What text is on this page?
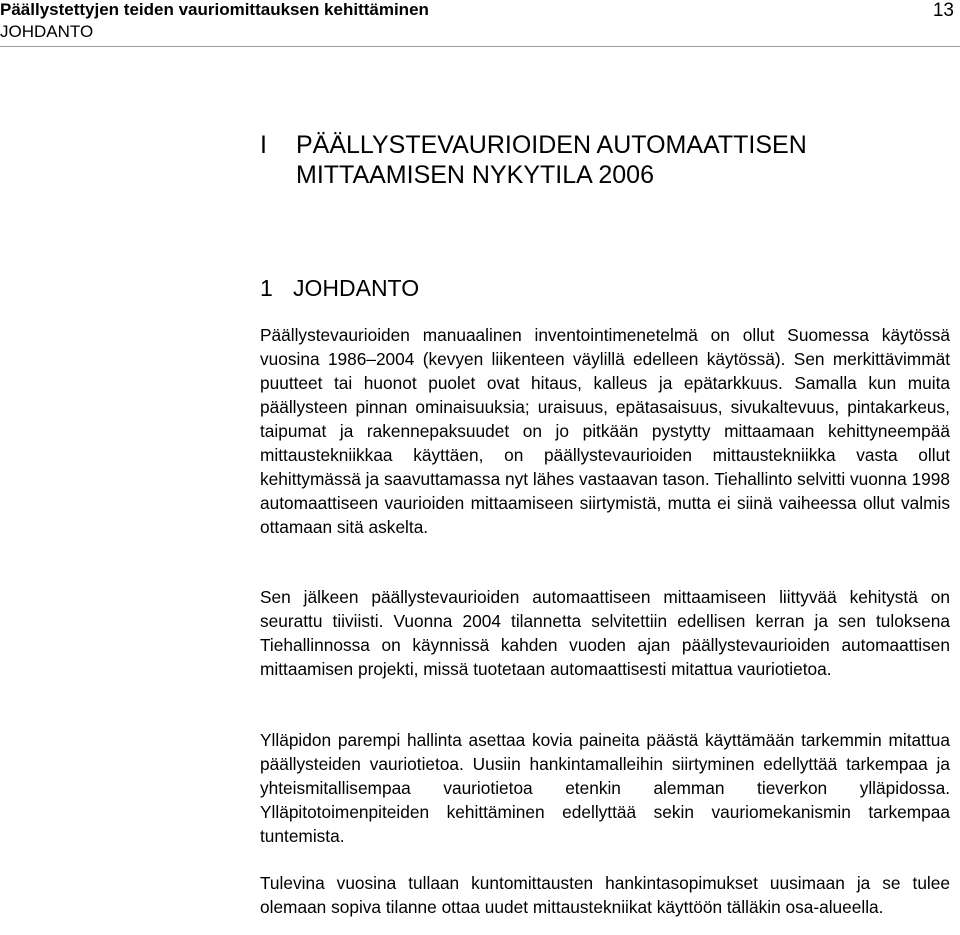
Päällystettyjen teiden vauriomittauksen kehittäminen
JOHDANTO
13
I PÄÄLLYSTEVAURIOIDEN AUTOMAATTISEN MITTAAMISEN NYKYTILA 2006
1 JOHDANTO

Päällystevaurioiden manuaalinen inventointimenetelmä on ollut Suomessa käytössä vuosina 1986–2004 (kevyen liikenteen väylillä edelleen käytössä). Sen merkittävimmät puutteet tai huonot puolet ovat hitaus, kalleus ja epätarkkuus. Samalla kun muita päällysteen pinnan ominaisuuksia; uraisuus, epätasaisuus, sivukaltevuus, pintakarkeus, taipumat ja rakennepaksuudet on jo pitkään pystytty mittaamaan kehittyneempää mittaustekniikkaa käyttäen, on päällystevaurioiden mittaustekniikka vasta ollut kehittymässä ja saavuttamassa nyt lähes vastaavan tason. Tiehallinto selvitti vuonna 1998 automaattiseen vaurioiden mittaamiseen siirtymistä, mutta ei siinä vaiheessa ollut valmis ottamaan sitä askelta.

Sen jälkeen päällystevaurioiden automaattiseen mittaamiseen liittyvää kehitystä on seurattu tiiviisti. Vuonna 2004 tilannetta selvitettiin edellisen kerran ja sen tuloksena Tiehallinnossa on käynnissä kahden vuoden ajan päällystevaurioiden automaattisen mittaamisen projekti, missä tuotetaan automaattisesti mitattua vauriotietoa.

Ylläpidon parempi hallinta asettaa kovia paineita päästä käyttämään tarkemmin mitattua päällysteiden vauriotietoa. Uusiin hankintamalleihin siirtyminen edellyttää tarkempaa ja yhteismitallisempaa vauriotietoa etenkin alemman tieverkon ylläpidossa. Ylläpitotoimenpiteiden kehittäminen edellyttää sekin vauriomekanismin tarkempaa tuntemista.

Tulevina vuosina tullaan kuntomittausten hankintasopimukset uusimaan ja se tulee olemaan sopiva tilanne ottaa uudet mittaustekniikat käyttöön tälläkin osa-alueella.
